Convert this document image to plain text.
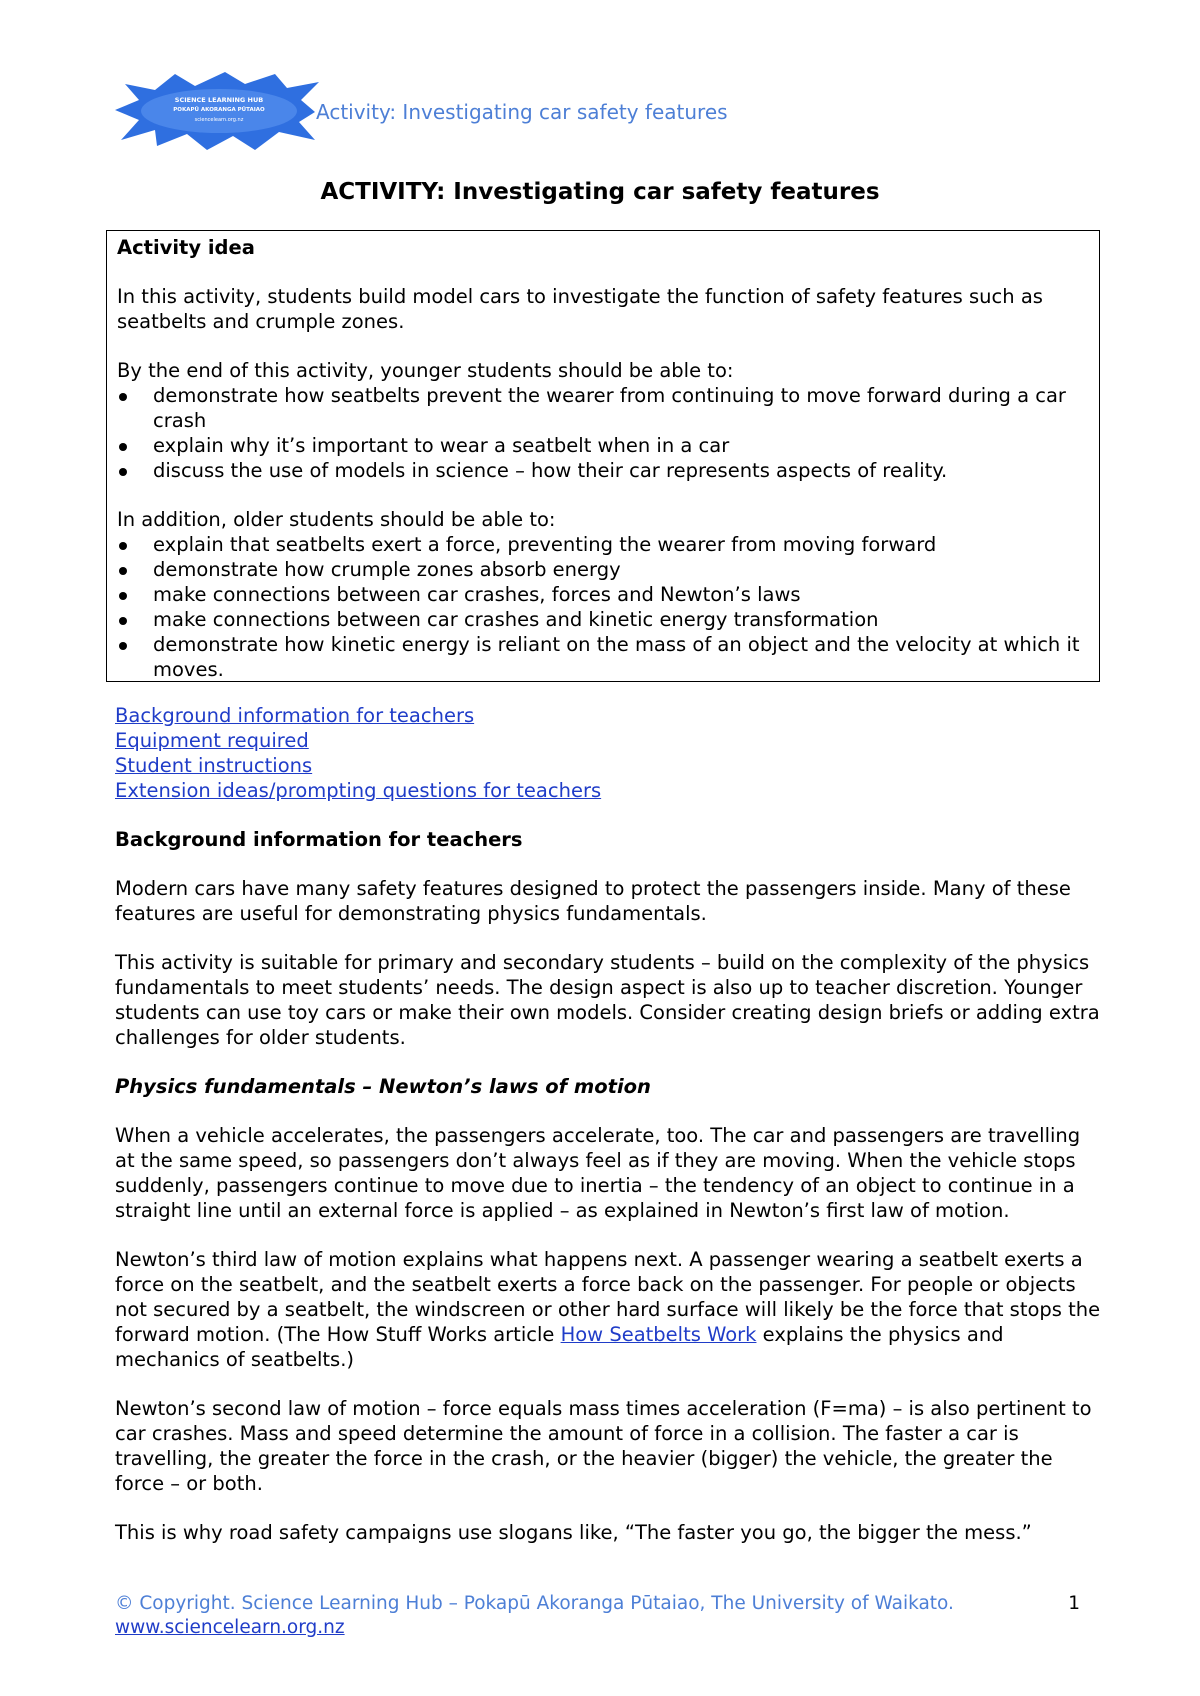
SCIENCE LEARNING HUB
POKAPŪ AKORANGA PŪTAIAO
sciencelearn.org.nz	Activity: Investigating car safety features
ACTIVITY: Investigating car safety features

Activity idea

In this activity, students build model cars to investigate the function of safety features such as seatbelts and crumple zones.

By the end of this activity, younger students should be able to:

demonstrate how seatbelts prevent the wearer from continuing to move forward during a car crash
explain why it’s important to wear a seatbelt when in a car
discuss the use of models in science – how their car represents aspects of reality.

In addition, older students should be able to:

explain that seatbelts exert a force, preventing the wearer from moving forward
demonstrate how crumple zones absorb energy
make connections between car crashes, forces and Newton’s laws
make connections between car crashes and kinetic energy transformation
demonstrate how kinetic energy is reliant on the mass of an object and the velocity at which it moves.

Background information for teachers

Equipment required

Student instructions

Extension ideas/prompting questions for teachers

Background information for teachers

Modern cars have many safety features designed to protect the passengers inside. Many of these features are useful for demonstrating physics fundamentals.

This activity is suitable for primary and secondary students – build on the complexity of the physics fundamentals to meet students’ needs. The design aspect is also up to teacher discretion. Younger students can use toy cars or make their own models. Consider creating design briefs or adding extra challenges for older students.

Physics fundamentals – Newton’s laws of motion

When a vehicle accelerates, the passengers accelerate, too. The car and passengers are travelling at the same speed, so passengers don’t always feel as if they are moving. When the vehicle stops suddenly, passengers continue to move due to inertia – the tendency of an object to continue in a straight line until an external force is applied – as explained in Newton’s first law of motion.

Newton’s third law of motion explains what happens next. A passenger wearing a seatbelt exerts a force on the seatbelt, and the seatbelt exerts a force back on the passenger. For people or objects not secured by a seatbelt, the windscreen or other hard surface will likely be the force that stops the forward motion. (The How Stuff Works article How Seatbelts Work explains the physics and mechanics of seatbelts.)

Newton’s second law of motion – force equals mass times acceleration (F=ma) – is also pertinent to car crashes. Mass and speed determine the amount of force in a collision. The faster a car is travelling, the greater the force in the crash, or the heavier (bigger) the vehicle, the greater the force – or both.

This is why road safety campaigns use slogans like, “The faster you go, the bigger the mess.”

© Copyright. Science Learning Hub – Pokapū Akoranga Pūtaiao, The University of Waikato.
www.sciencelearn.org.nz
1
